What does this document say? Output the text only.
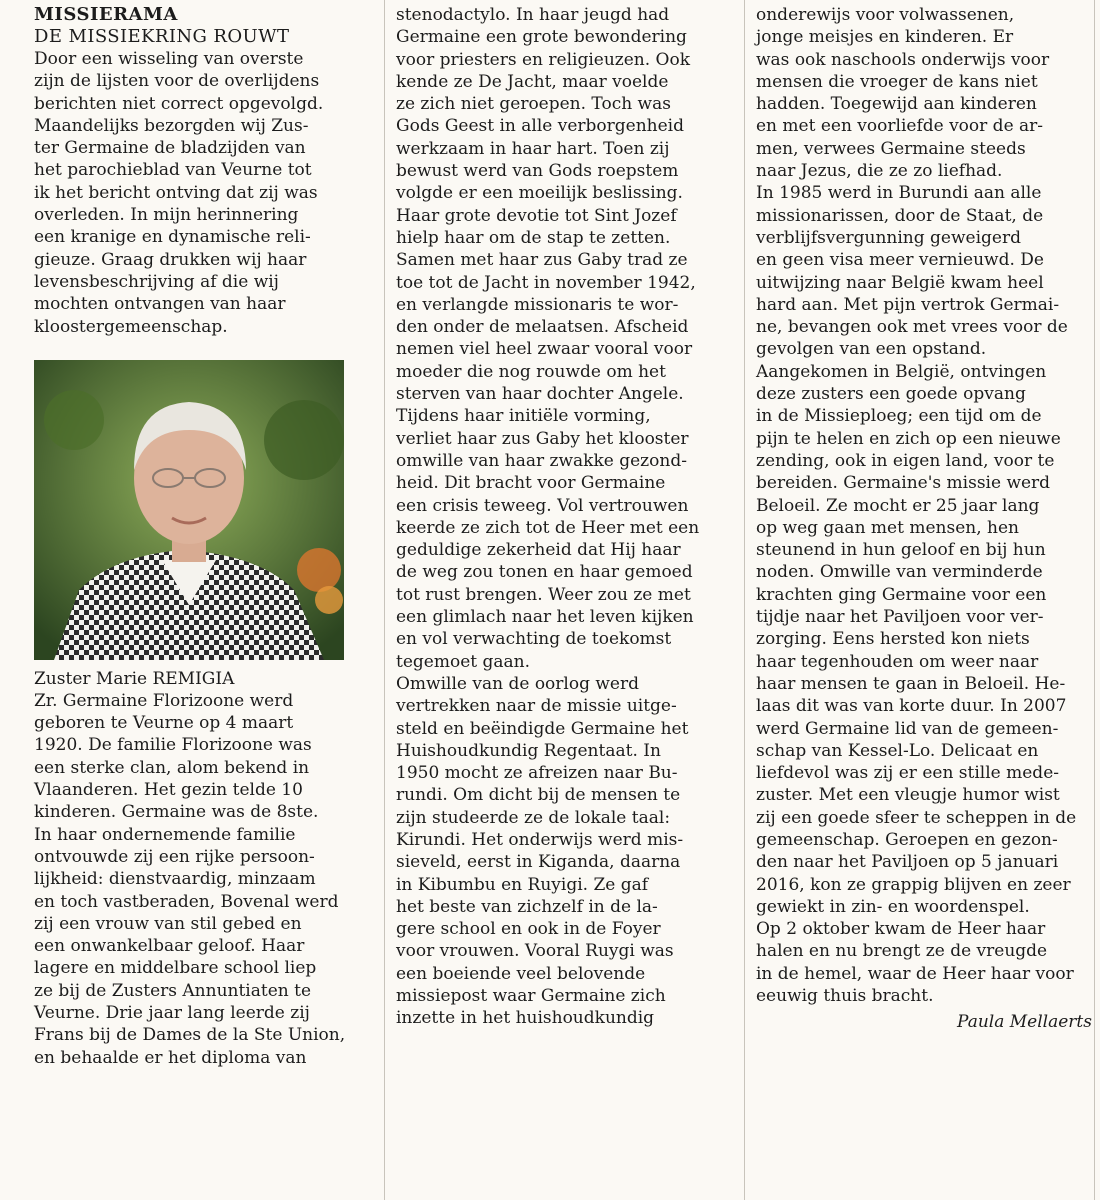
MISSIERAMA
DE MISSIEKRING ROUWT

Door een wisseling van overste
zijn de lijsten voor de overlijdens
berichten niet correct opgevolgd.
Maandelijks bezorgden wij Zus-
ter Germaine de bladzijden van
het parochieblad van Veurne tot
ik het bericht ontving dat zij was
overleden. In mijn herinnering
een kranige en dynamische reli-
gieuze. Graag drukken wij haar
levensbeschrijving af die wij
mochten ontvangen van haar
kloostergemeenschap.

Zuster Marie REMIGIA

Zr. Germaine Florizoone werd
geboren te Veurne op 4 maart
1920. De familie Florizoone was
een sterke clan, alom bekend in
Vlaanderen. Het gezin telde 10
kinderen. Germaine was de 8ste.
In haar ondernemende familie
ontvouwde zij een rijke persoon-
lijkheid: dienstvaardig, minzaam
en toch vastberaden, Bovenal werd
zij een vrouw van stil gebed en
een onwankelbaar geloof. Haar
lagere en middelbare school liep
ze bij de Zusters Annuntiaten te
Veurne. Drie jaar lang leerde zij
Frans bij de Dames de la Ste Union,
en behaalde er het diploma van

stenodactylo. In haar jeugd had
Germaine een grote bewondering
voor priesters en religieuzen. Ook
kende ze De Jacht, maar voelde
ze zich niet geroepen. Toch was
Gods Geest in alle verborgenheid
werkzaam in haar hart. Toen zij
bewust werd van Gods roepstem
volgde er een moeilijk beslissing.
Haar grote devotie tot Sint Jozef
hielp haar om de stap te zetten.
Samen met haar zus Gaby trad ze
toe tot de Jacht in november 1942,
en verlangde missionaris te wor-
den onder de melaatsen. Afscheid
nemen viel heel zwaar vooral voor
moeder die nog rouwde om het
sterven van haar dochter Angele.
Tijdens haar initiële vorming,
verliet haar zus Gaby het klooster
omwille van haar zwakke gezond-
heid. Dit bracht voor Germaine
een crisis teweeg. Vol vertrouwen
keerde ze zich tot de Heer met een
geduldige zekerheid dat Hij haar
de weg zou tonen en haar gemoed
tot rust brengen. Weer zou ze met
een glimlach naar het leven kijken
en vol verwachting de toekomst
tegemoet gaan.
Omwille van de oorlog werd
vertrekken naar de missie uitge-
steld en beëindigde Germaine het
Huishoudkundig Regentaat. In
1950 mocht ze afreizen naar Bu-
rundi. Om dicht bij de mensen te
zijn studeerde ze de lokale taal:
Kirundi. Het onderwijs werd mis-
sieveld, eerst in Kiganda, daarna
in Kibumbu en Ruyigi. Ze gaf
het beste van zichzelf in de la-
gere school en ook in de Foyer
voor vrouwen. Vooral Ruygi was
een boeiende veel belovende
missiepost waar Germaine zich
inzette in het huishoudkundig

onderewijs voor volwassenen,
jonge meisjes en kinderen. Er
was ook naschools onderwijs voor
mensen die vroeger de kans niet
hadden. Toegewijd aan kinderen
en met een voorliefde voor de ar-
men, verwees Germaine steeds
naar Jezus, die ze zo liefhad.
In 1985 werd in Burundi aan alle
missionarissen, door de Staat, de
verblijfsvergunning geweigerd
en geen visa meer vernieuwd. De
uitwijzing naar België kwam heel
hard aan. Met pijn vertrok Germai-
ne, bevangen ook met vrees voor de
gevolgen van een opstand.
Aangekomen in België, ontvingen
deze zusters een goede opvang
in de Missieploeg; een tijd om de
pijn te helen en zich op een nieuwe
zending, ook in eigen land, voor te
bereiden. Germaine's missie werd
Beloeil. Ze mocht er 25 jaar lang
op weg gaan met mensen, hen
steunend in hun geloof en bij hun
noden. Omwille van verminderde
krachten ging Germaine voor een
tijdje naar het Paviljoen voor ver-
zorging. Eens hersted kon niets
haar tegenhouden om weer naar
haar mensen te gaan in Beloeil. He-
laas dit was van korte duur. In 2007
werd Germaine lid van de gemeen-
schap van Kessel-Lo. Delicaat en
liefdevol was zij er een stille mede-
zuster. Met een vleugje humor wist
zij een goede sfeer te scheppen in de
gemeenschap. Geroepen en gezon-
den naar het Paviljoen op 5 januari
2016, kon ze grappig blijven en zeer
gewiekt in zin- en woordenspel.
Op 2 oktober kwam de Heer haar
halen en nu brengt ze de vreugde
in de hemel, waar de Heer haar voor
eeuwig thuis bracht.

Paula Mellaerts
